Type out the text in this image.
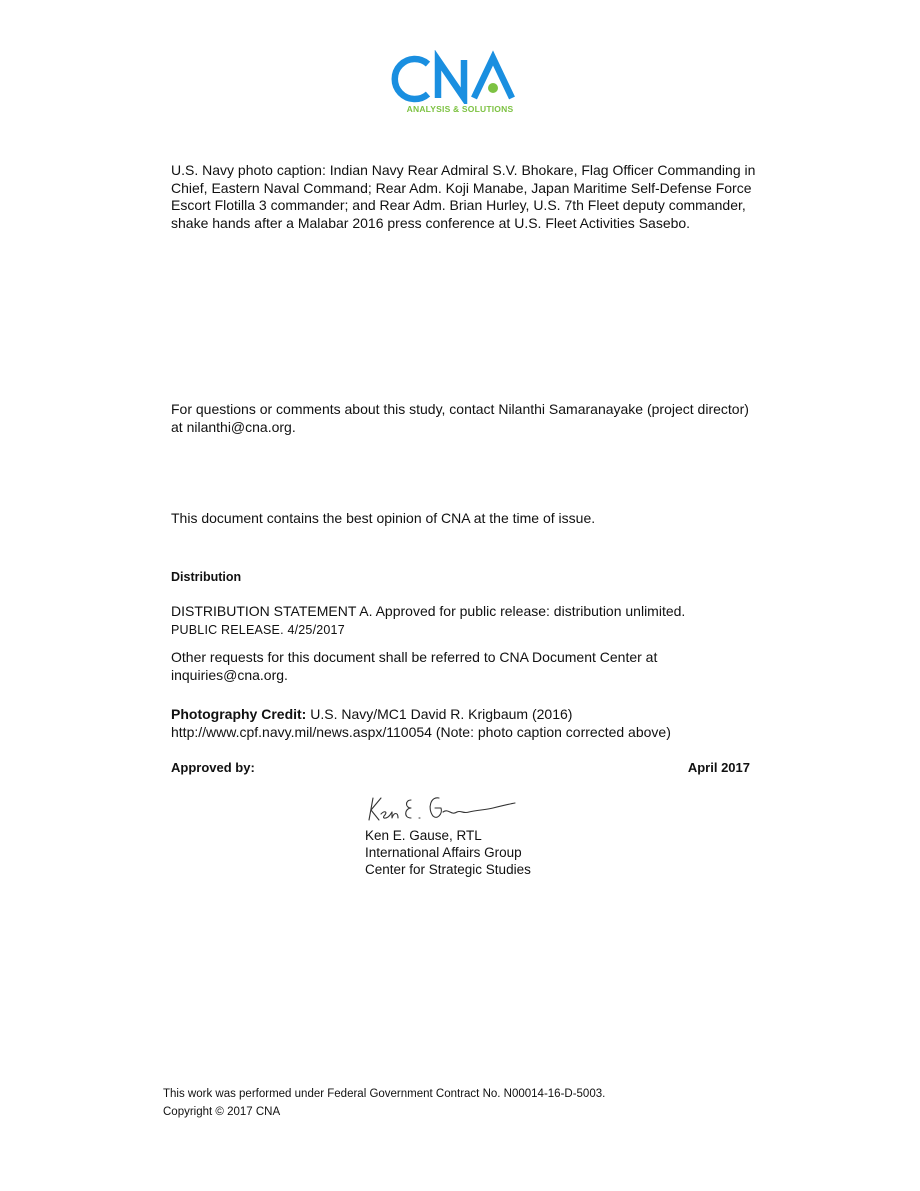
ANALYSIS & SOLUTIONS
U.S. Navy photo caption: Indian Navy Rear Admiral S.V. Bhokare, Flag Officer Commanding in Chief, Eastern Naval Command; Rear Adm. Koji Manabe, Japan Maritime Self-Defense Force Escort Flotilla 3 commander; and Rear Adm. Brian Hurley, U.S. 7th Fleet deputy commander, shake hands after a Malabar 2016 press conference at U.S. Fleet Activities Sasebo.
For questions or comments about this study, contact Nilanthi Samaranayake (project director) at nilanthi@cna.org.
This document contains the best opinion of CNA at the time of issue.
Distribution
DISTRIBUTION STATEMENT A. Approved for public release: distribution unlimited.
PUBLIC RELEASE. 4/25/2017
Other requests for this document shall be referred to CNA Document Center at inquiries@cna.org.
Photography Credit: U.S. Navy/MC1 David R. Krigbaum (2016) http://www.cpf.navy.mil/news.aspx/110054 (Note: photo caption corrected above)
Approved by:	April 2017
Ken E. Gause, RTL
International Affairs Group
Center for Strategic Studies
This work was performed under Federal Government Contract No. N00014-16-D-5003.
Copyright © 2017 CNA
